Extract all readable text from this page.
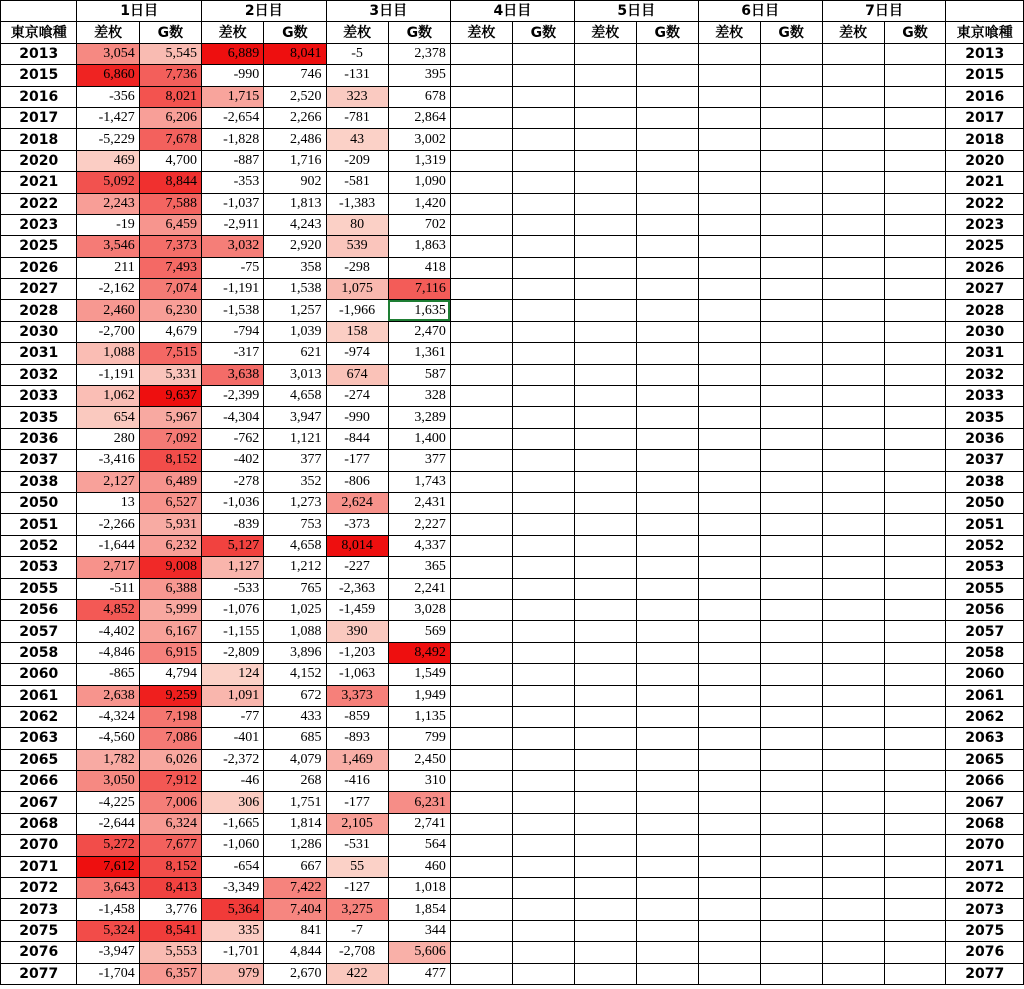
	1日目		2日目		3日目		4日目		5日目		6日目		7日目		
東京喰種	差枚	G数	差枚	G数	差枚	G数	差枚	G数	差枚	G数	差枚	G数	差枚	G数	東京喰種
2013	3,054	5,545	6,889	8,041	-5	2,378									2013
2015	6,860	7,736	-990	746	-131	395									2015
2016	-356	8,021	1,715	2,520	323	678									2016
2017	-1,427	6,206	-2,654	2,266	-781	2,864									2017
2018	-5,229	7,678	-1,828	2,486	43	3,002									2018
2020	469	4,700	-887	1,716	-209	1,319									2020
2021	5,092	8,844	-353	902	-581	1,090									2021
2022	2,243	7,588	-1,037	1,813	-1,383	1,420									2022
2023	-19	6,459	-2,911	4,243	80	702									2023
2025	3,546	7,373	3,032	2,920	539	1,863									2025
2026	211	7,493	-75	358	-298	418									2026
2027	-2,162	7,074	-1,191	1,538	1,075	7,116									2027
2028	2,460	6,230	-1,538	1,257	-1,966	1,635									2028
2030	-2,700	4,679	-794	1,039	158	2,470									2030
2031	1,088	7,515	-317	621	-974	1,361									2031
2032	-1,191	5,331	3,638	3,013	674	587									2032
2033	1,062	9,637	-2,399	4,658	-274	328									2033
2035	654	5,967	-4,304	3,947	-990	3,289									2035
2036	280	7,092	-762	1,121	-844	1,400									2036
2037	-3,416	8,152	-402	377	-177	377									2037
2038	2,127	6,489	-278	352	-806	1,743									2038
2050	13	6,527	-1,036	1,273	2,624	2,431									2050
2051	-2,266	5,931	-839	753	-373	2,227									2051
2052	-1,644	6,232	5,127	4,658	8,014	4,337									2052
2053	2,717	9,008	1,127	1,212	-227	365									2053
2055	-511	6,388	-533	765	-2,363	2,241									2055
2056	4,852	5,999	-1,076	1,025	-1,459	3,028									2056
2057	-4,402	6,167	-1,155	1,088	390	569									2057
2058	-4,846	6,915	-2,809	3,896	-1,203	8,492									2058
2060	-865	4,794	124	4,152	-1,063	1,549									2060
2061	2,638	9,259	1,091	672	3,373	1,949									2061
2062	-4,324	7,198	-77	433	-859	1,135									2062
2063	-4,560	7,086	-401	685	-893	799									2063
2065	1,782	6,026	-2,372	4,079	1,469	2,450									2065
2066	3,050	7,912	-46	268	-416	310									2066
2067	-4,225	7,006	306	1,751	-177	6,231									2067
2068	-2,644	6,324	-1,665	1,814	2,105	2,741									2068
2070	5,272	7,677	-1,060	1,286	-531	564									2070
2071	7,612	8,152	-654	667	55	460									2071
2072	3,643	8,413	-3,349	7,422	-127	1,018									2072
2073	-1,458	3,776	5,364	7,404	3,275	1,854									2073
2075	5,324	8,541	335	841	-7	344									2075
2076	-3,947	5,553	-1,701	4,844	-2,708	5,606									2076
2077	-1,704	6,357	979	2,670	422	477									2077
